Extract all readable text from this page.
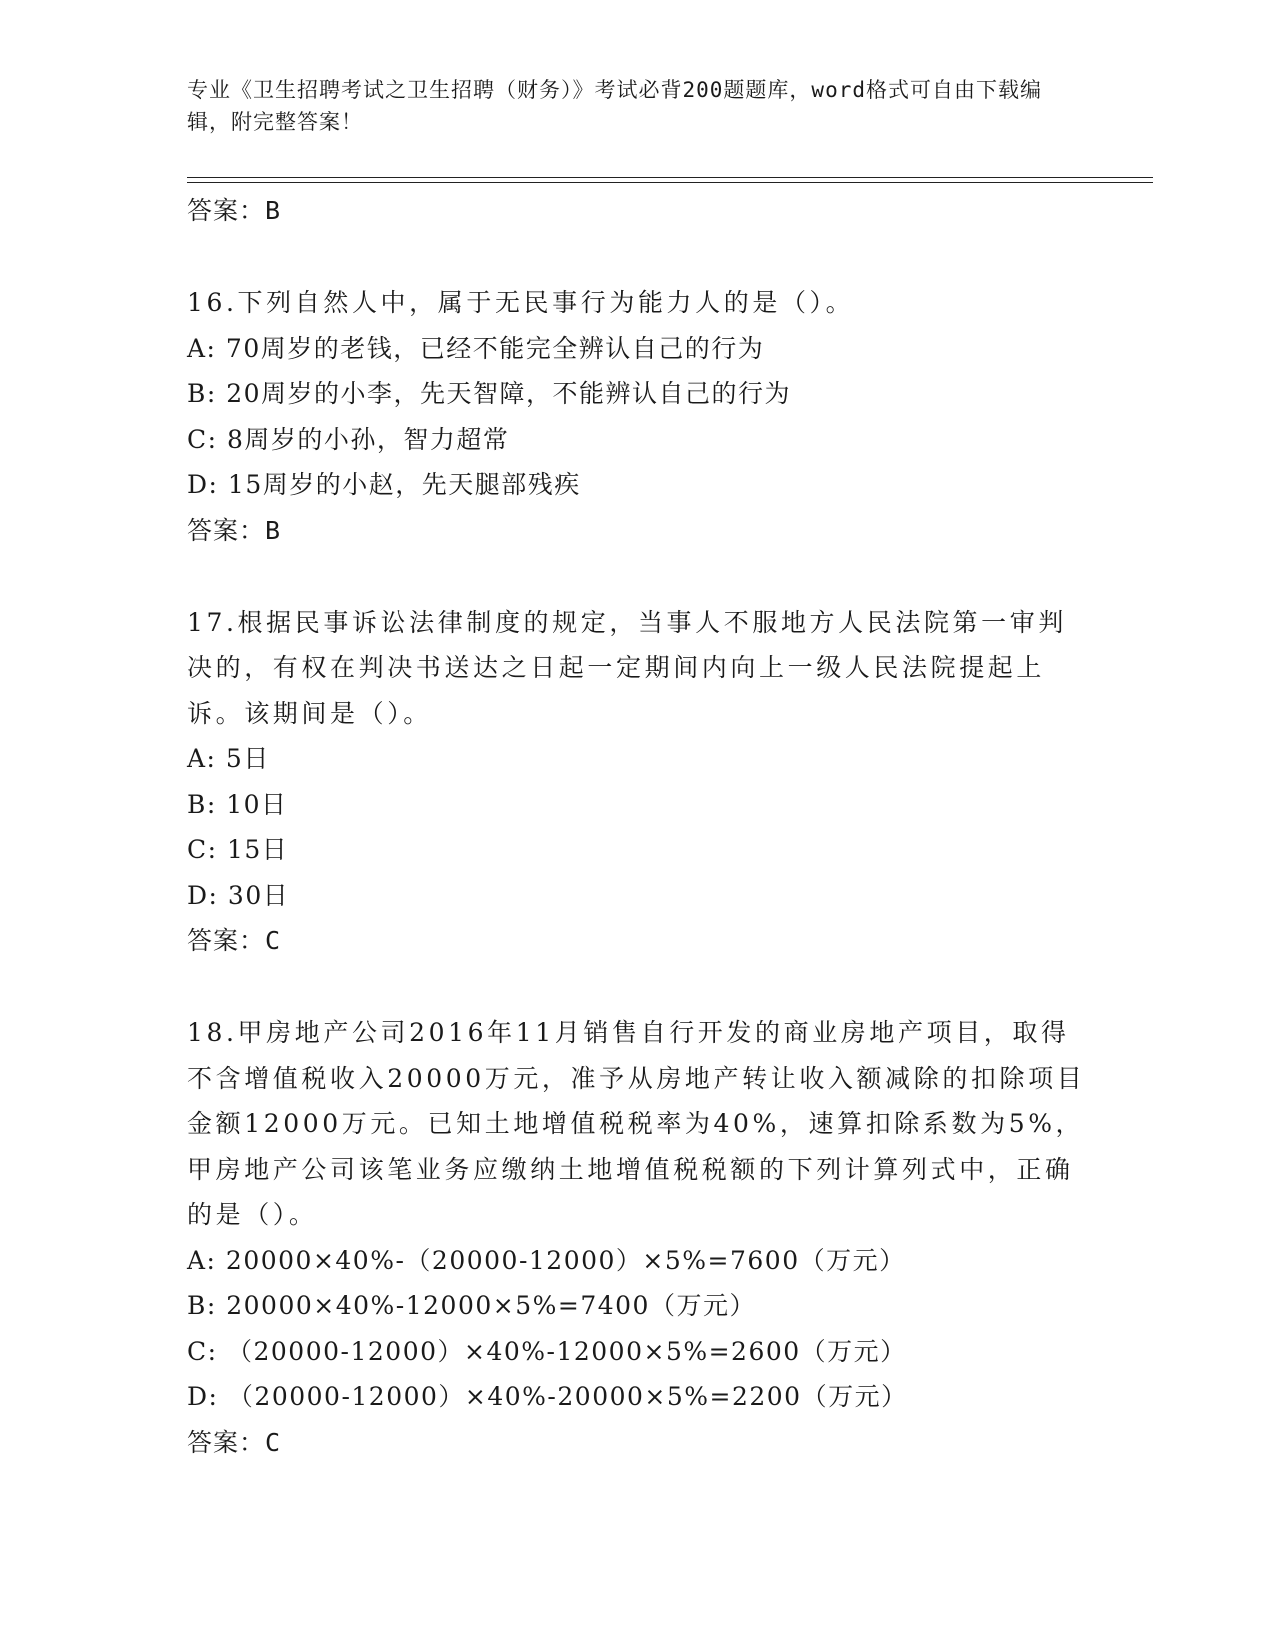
专业《卫生招聘考试之卫生招聘（财务）》考试必背200题题库，word格式可自由下载编辑，附完整答案！
答案：B
16.下列自然人中，属于无民事行为能力人的是（）。
A: 70周岁的老钱，已经不能完全辨认自己的行为
B: 20周岁的小李，先天智障，不能辨认自己的行为
C: 8周岁的小孙，智力超常
D: 15周岁的小赵，先天腿部残疾
答案：B
17.根据民事诉讼法律制度的规定，当事人不服地方人民法院第一审判决的，有权在判决书送达之日起一定期间内向上一级人民法院提起上诉。该期间是（）。
A: 5日
B: 10日
C: 15日
D: 30日
答案：C
18.甲房地产公司2016年11月销售自行开发的商业房地产项目，取得不含增值税收入20000万元，准予从房地产转让收入额减除的扣除项目金额12000万元。已知土地增值税税率为40%，速算扣除系数为5%，甲房地产公司该笔业务应缴纳土地增值税税额的下列计算列式中，正确的是（）。
A: 20000×40%-（20000-12000）×5%=7600（万元）
B: 20000×40%-12000×5%=7400（万元）
C: （20000-12000）×40%-12000×5%=2600（万元）
D: （20000-12000）×40%-20000×5%=2200（万元）
答案：C
